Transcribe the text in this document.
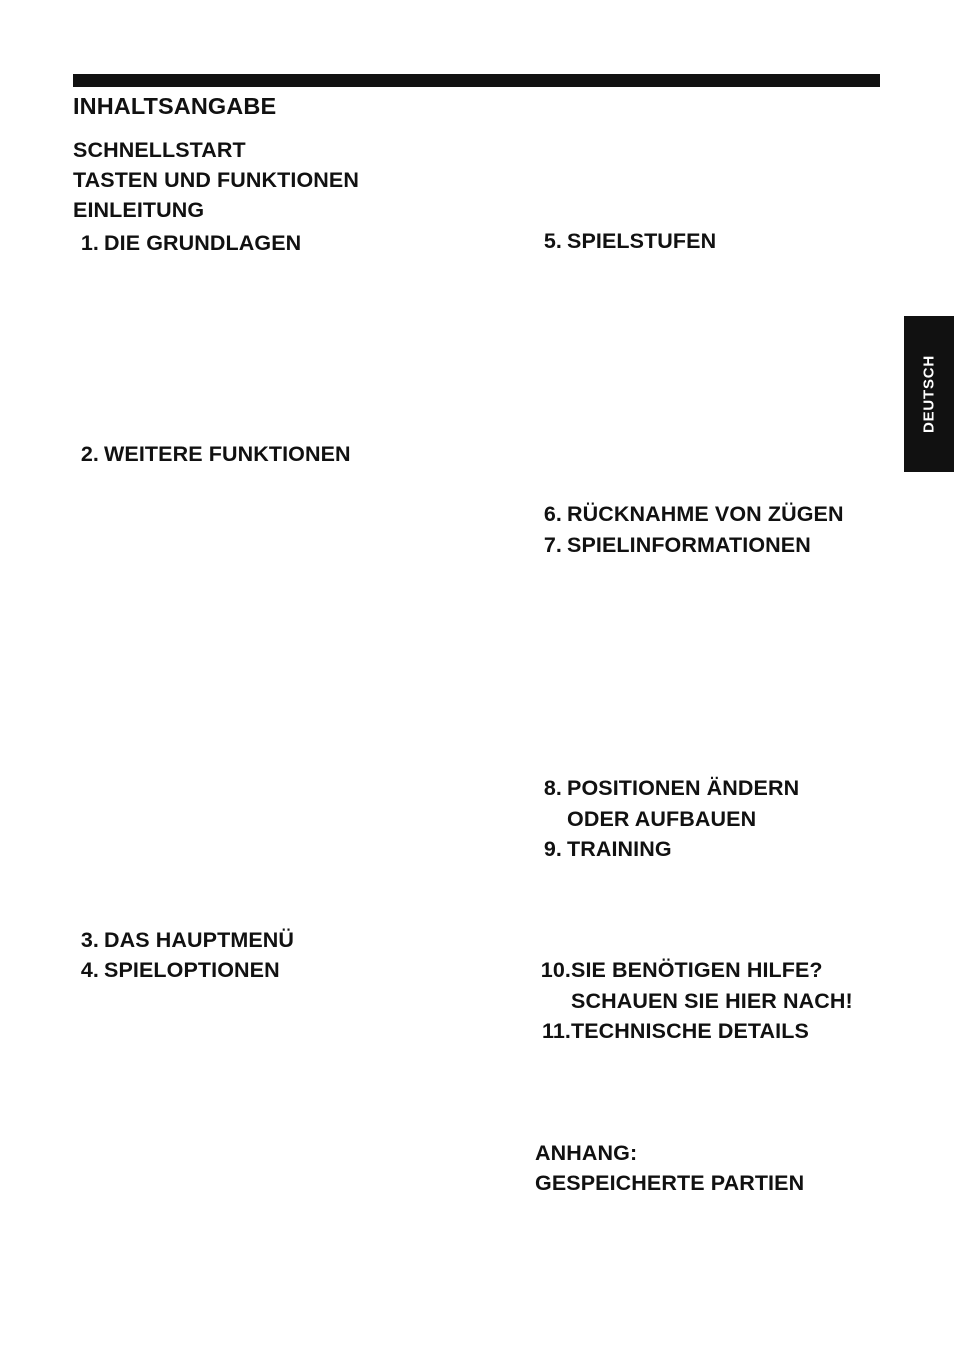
INHALTSANGABE
SCHNELLSTART
TASTEN UND FUNKTIONEN
EINLEITUNG
1. DIE GRUNDLAGEN
2. WEITERE FUNKTIONEN
3. DAS HAUPTMENÜ
4. SPIELOPTIONEN
5. SPIELSTUFEN
6. RÜCKNAHME VON ZÜGEN
7. SPIELINFORMATIONEN
8. POSITIONEN ÄNDERN
ODER AUFBAUEN
9. TRAINING
10.SIE BENÖTIGEN HILFE?
SCHAUEN SIE HIER NACH!
11.TECHNISCHE DETAILS
ANHANG:
GESPEICHERTE PARTIEN
DEUTSCH
